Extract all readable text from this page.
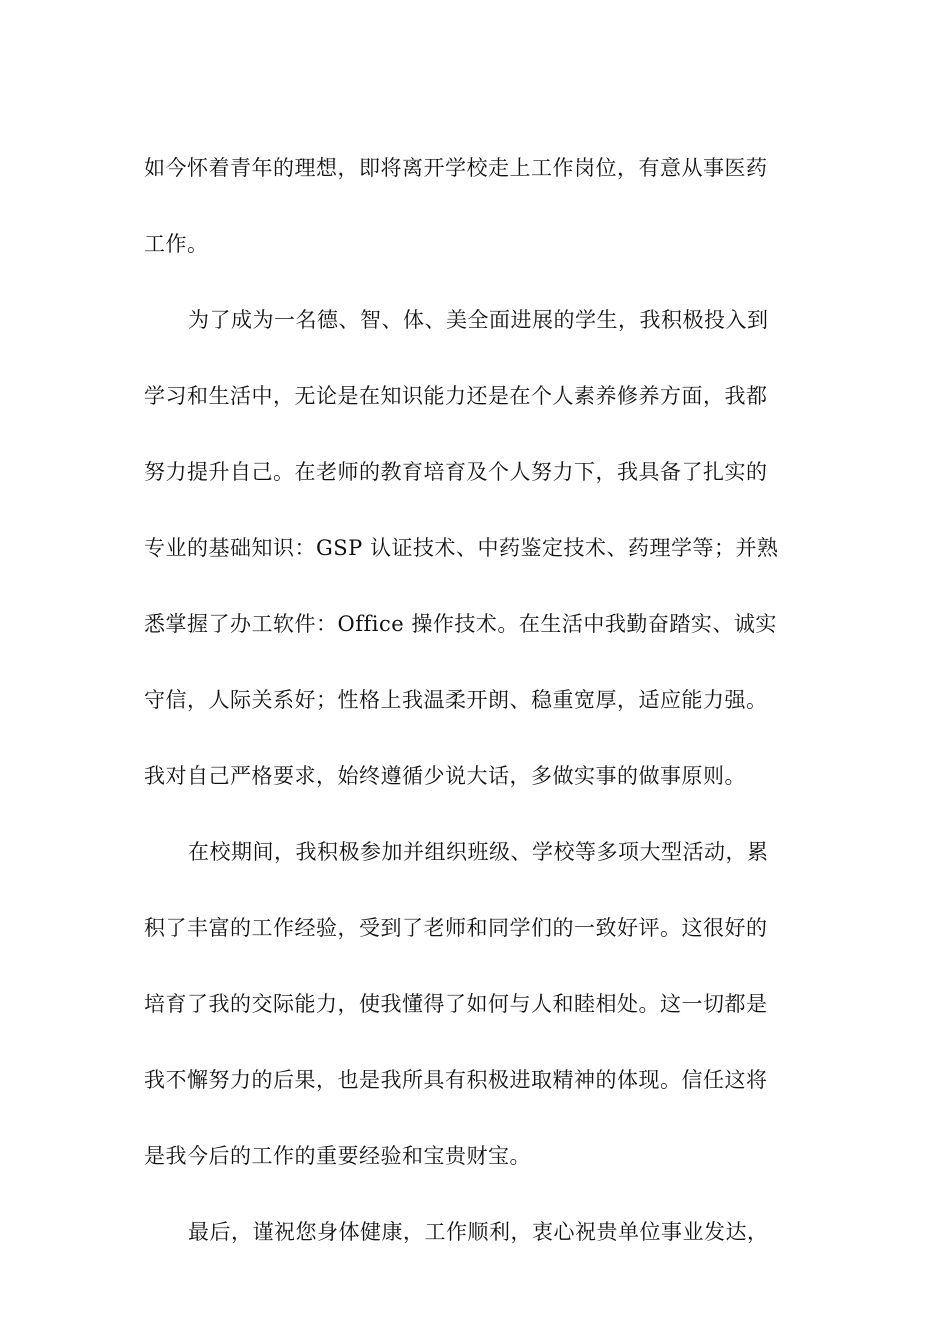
如今怀着青年的理想，即将离开学校走上工作岗位，有意从事医药
工作。
为了成为一名德、智、体、美全面进展的学生，我积极投入到
学习和生活中，无论是在知识能力还是在个人素养修养方面，我都
努力提升自己。在老师的教育培育及个人努力下，我具备了扎实的
专业的基础知识：GSP 认证技术、中药鉴定技术、药理学等；并熟
悉掌握了办工软件：Office 操作技术。在生活中我勤奋踏实、诚实
守信，人际关系好；性格上我温柔开朗、稳重宽厚，适应能力强。
我对自己严格要求，始终遵循少说大话，多做实事的做事原则。
在校期间，我积极参加并组织班级、学校等多项大型活动，累
积了丰富的工作经验，受到了老师和同学们的一致好评。这很好的
培育了我的交际能力，使我懂得了如何与人和睦相处。这一切都是
我不懈努力的后果，也是我所具有积极进取精神的体现。信任这将
是我今后的工作的重要经验和宝贵财宝。
最后，谨祝您身体健康，工作顺利，衷心祝贵单位事业发达，
